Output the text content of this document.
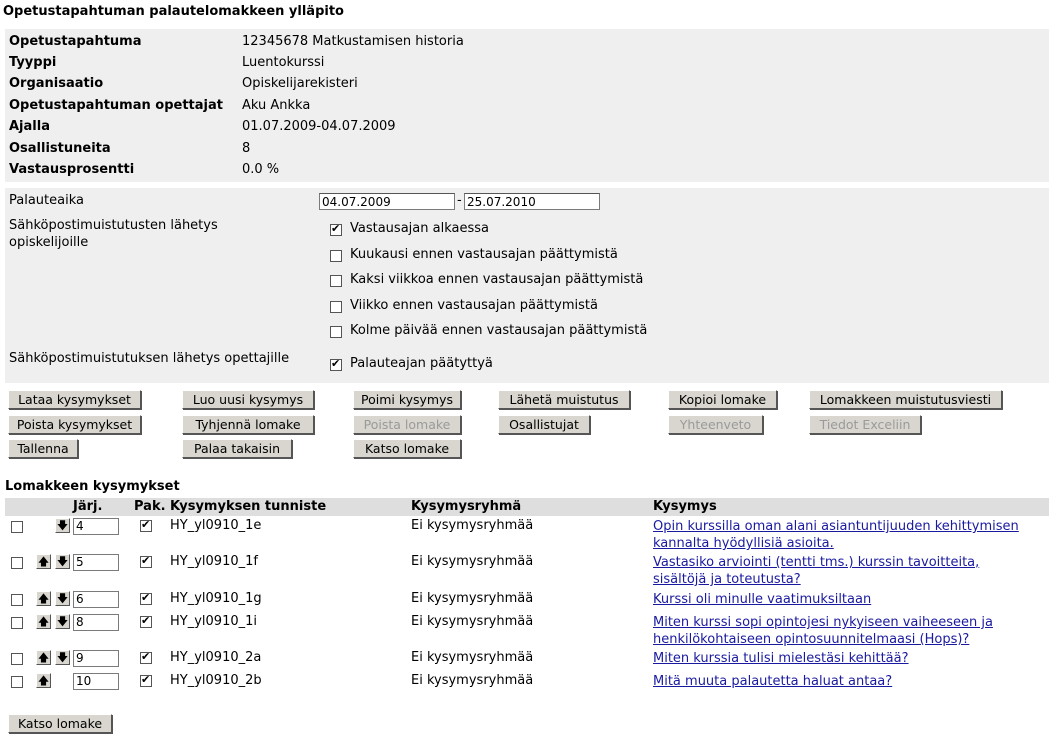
Opetustapahtuman palautelomakkeen ylläpito
Opetustapahtuma	12345678 Matkustamisen historia
Tyyppi	Luentokurssi
Organisaatio	Opiskelijarekisteri
Opetustapahtuman opettajat	Aku Ankka
Ajalla	01.07.2009-04.07.2009
Osallistuneita	8
Vastausprosentti	0.0 %
Palauteaika	04.07.2009	- 25.07.2010
Sähköpostimuistutusten lähetys opiskelijoille
✔
Vastausajan alkaessa
Kuukausi ennen vastausajan päättymistä
Kaksi viikkoa ennen vastausajan päättymistä
Viikko ennen vastausajan päättymistä
Kolme päivää ennen vastausajan päättymistä
Sähköpostimuistutuksen lähetys opettajille ✔	Palauteajan päätyttyä
Lataa kysymykset	Luo uusi kysymys	Poimi kysymys	Lähetä muistutus	Kopioi lomake	Lomakkeen muistutusviesti
Poista kysymykset	Tyhjennä lomake	Poista lomake	Osallistujat	Yhteenveto	Tiedot Exceliin
Tallenna	Palaa takaisin	Katso lomake
Lomakkeen kysymykset
Järj. Pak. Kysymyksen tunniste	Kysymysryhmä	Kysymys
🡇 4 ✔	HY_yl0910_1e	Ei kysymysryhmää	Opin kurssilla oman alani asiantuntijuuden kehittymisen
kannalta hyödyllisiä asioita.
🡅 🡇 5 ✔	HY_yl0910_1f	Ei kysymysryhmää	Vastasiko arviointi (tentti tms.) kurssin tavoitteita,
sisältöjä ja toteutusta?
🡅 🡇 6 ✔	HY_yl0910_1g	Ei kysymysryhmää	Kurssi oli minulle vaatimuksiltaan
🡅 🡇 8 ✔	HY_yl0910_1i	Ei kysymysryhmää	Miten kurssi sopi opintojesi nykyiseen vaiheeseen ja
henkilökohtaiseen opintosuunnitelmaasi (Hops)?
🡅 🡇 9 ✔	HY_yl0910_2a	Ei kysymysryhmää	Miten kurssia tulisi mielestäsi kehittää?
🡅 10 ✔	HY_yl0910_2b	Ei kysymysryhmää	Mitä muuta palautetta haluat antaa?
Katso lomake
